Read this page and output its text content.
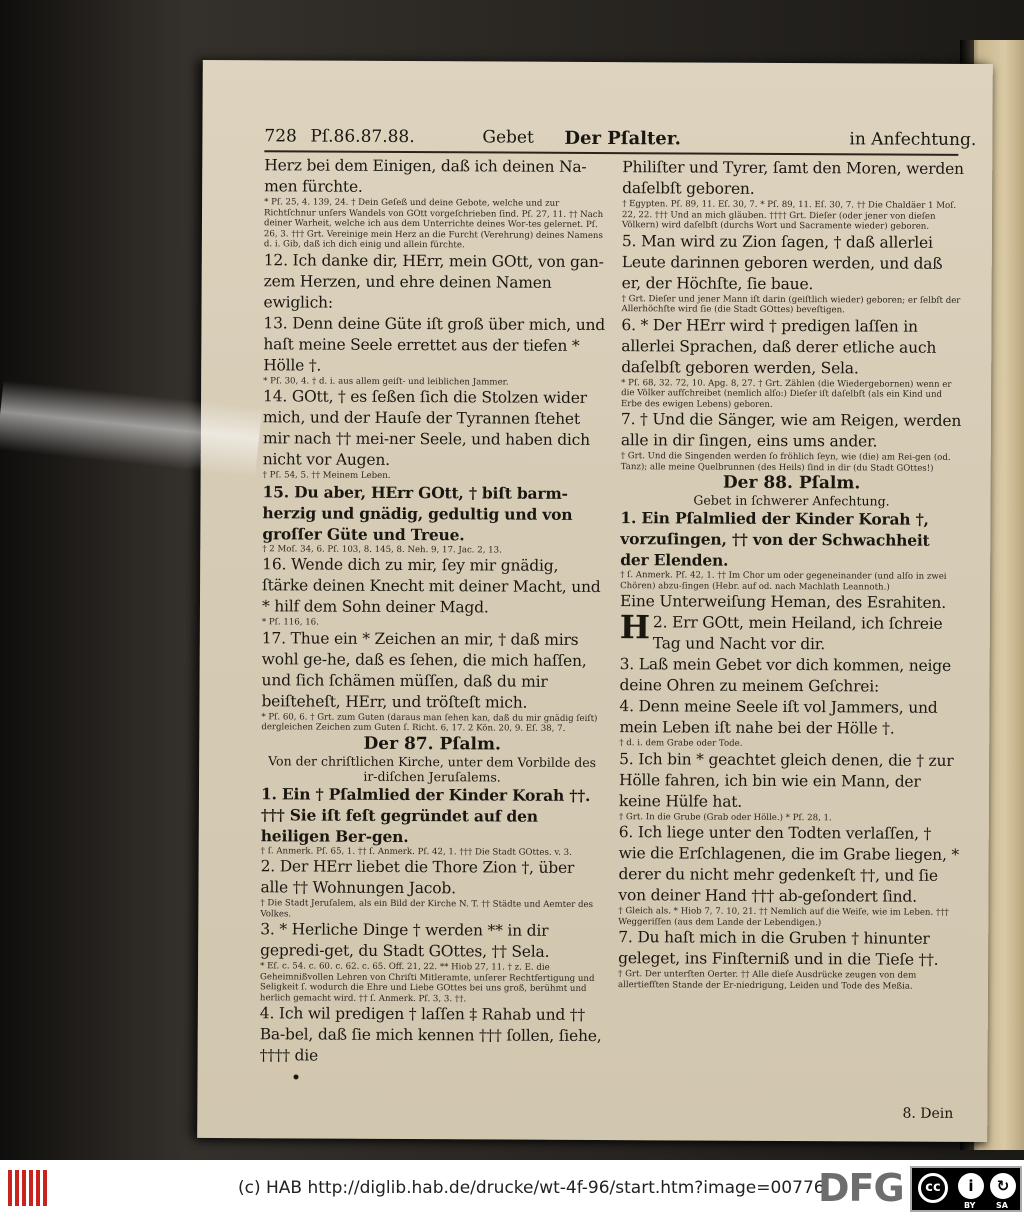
728 Pſ.86.87.88.	Gebet Der Pſalter.	in Anfechtung.

Herz bei dem Einigen, daß ich deinen Na-men fürchte.

* Pſ. 25, 4. 139, 24. † Dein Geſeß und deine Gebote, welche und zur Richtſchnur unſers Wandels von GOtt vorgeſchrieben ſind. Pſ. 27, 11. †† Nach deiner Warheit, welche ich aus dem Unterrichte deines Wor-tes gelernet. Pſ. 26, 3. ††† Grt. Vereinige mein Herz an die Furcht (Verehrung) deines Namens d. i. Gib, daß ich dich einig und allein fürchte.

12. Ich danke dir, HErr, mein GOtt, von gan-zem Herzen, und ehre deinen Namen ewiglich:

13. Denn deine Güte iſt groß über mich, und haſt meine Seele errettet aus der tiefen * Hölle †.

* Pſ. 30, 4. † d. i. aus allem geiſt- und leiblichen Jammer.

14. GOtt, † es ſeßen ſich die Stolzen wider mich, und der Hauſe der Tyrannen ſtehet mir nach †† mei-ner Seele, und haben dich nicht vor Augen.

† Pſ. 54, 5. †† Meinem Leben.

15. Du aber, HErr GOtt, † biſt barm-herzig und gnädig, gedultig und von groſſer Güte und Treue.

† 2 Moſ. 34, 6. Pſ. 103, 8. 145, 8. Neh. 9, 17. Jac. 2, 13.

16. Wende dich zu mir, ſey mir gnädig, ſtärke deinen Knecht mit deiner Macht, und * hilf dem Sohn deiner Magd.

* Pſ. 116, 16.

17. Thue ein * Zeichen an mir, † daß mirs wohl ge-he, daß es ſehen, die mich haſſen, und ſich ſchämen müſſen, daß du mir beiſteheſt, HErr, und tröſteſt mich.

* Pſ. 60, 6. † Grt. zum Guten (daraus man ſehen kan, daß du mir gnädig ſeiſt) dergleichen Zeichen zum Guten ſ. Richt. 6, 17. 2 Kön. 20, 9. Eſ. 38, 7.

Der 87. Pſalm.

Von der chriſtlichen Kirche, unter dem Vorbilde des ir-diſchen Jeruſalems.

1. Ein † Pſalmlied der Kinder Korah ††. ††† Sie iſt feſt gegründet auf den heiligen Ber-gen.

† ſ. Anmerk. Pſ. 65, 1. †† ſ. Anmerk. Pſ. 42, 1. ††† Die Stadt GOttes. v. 3.

2. Der HErr liebet die Thore Zion †, über alle †† Wohnungen Jacob.

† Die Stadt Jeruſalem, als ein Bild der Kirche N. T. †† Städte und Aemter des Volkes.

3. * Herliche Dinge † werden ** in dir gepredi-get, du Stadt GOttes, †† Sela.

* Eſ. c. 54. c. 60. c. 62. c. 65. Off. 21, 22. ** Hiob 27, 11. † z. E. die Geheimnißvollen Lehren von Chriſti Mitleramte, unſerer Rechtfertigung und Seligkeit ſ. wodurch die Ehre und Liebe GOttes bei uns groß, berühmt und herlich gemacht wird. †† ſ. Anmerk. Pſ. 3, 3. ††.

4. Ich wil predigen † laſſen ‡ Rahab und †† Ba-bel, daß ſie mich kennen ††† ſollen, ſiehe, †††† die

Philiſter und Tyrer, ſamt den Moren, werden daſelbſt geboren.

† Egypten. Pſ. 89, 11. Eſ. 30, 7. * Pſ. 89, 11. Eſ. 30, 7. †† Die Chaldäer 1 Moſ. 22, 22. ††† Und an mich gläuben. †††† Grt. Dieſer (oder jener von dieſen Völkern) wird daſelbſt (durchs Wort und Sacramente wieder) geboren.

5. Man wird zu Zion ſagen, † daß allerlei Leute darinnen geboren werden, und daß er, der Höchſte, ſie baue.

† Grt. Dieſer und jener Mann iſt darin (geiſtlich wieder) geboren; er ſelbſt der Allerhöchſte wird ſie (die Stadt GOttes) beveſtigen.

6. * Der HErr wird † predigen laſſen in allerlei Sprachen, daß derer etliche auch daſelbſt geboren werden, Sela.

* Pſ. 68, 32. 72, 10. Apg. 8, 27. † Grt. Zählen (die Wiedergebornen) wenn er die Völker aufſchreibet (nemlich alſo:) Dieſer iſt daſelbſt (als ein Kind und Erbe des ewigen Lebens) geboren.

7. † Und die Sänger, wie am Reigen, werden alle in dir ſingen, eins ums ander.

† Grt. Und die Singenden werden ſo fröhlich ſeyn, wie (die) am Rei-gen (od. Tanz); alle meine Quelbrunnen (des Heils) ſind in dir (du Stadt GOttes!)

Der 88. Pſalm.

Gebet in ſchwerer Anfechtung.

1. Ein Pſalmlied der Kinder Korah †, vorzuſingen, †† von der Schwachheit der Elenden.

† ſ. Anmerk. Pſ. 42, 1. †† Im Chor um oder gegeneinander (und alſo in zwei Chören) abzu-ſingen (Hebr. auf od. nach Machlath Leannoth.)

Eine Unterweiſung Heman, des Esrahiten.

H 2. Err GOtt, mein Heiland, ich ſchreie Tag und Nacht vor dir.

3. Laß mein Gebet vor dich kommen, neige deine Ohren zu meinem Geſchrei:

4. Denn meine Seele iſt vol Jammers, und mein Leben iſt nahe bei der Hölle †.

† d. i. dem Grabe oder Tode.

5. Ich bin * geachtet gleich denen, die † zur Hölle fahren, ich bin wie ein Mann, der keine Hülfe hat.

† Grt. In die Grube (Grab oder Hölle.) * Pſ. 28, 1.

6. Ich liege unter den Todten verlaſſen, † wie die Erſchlagenen, die im Grabe liegen, * derer du nicht mehr gedenkeſt ††, und ſie von deiner Hand ††† ab-geſondert ſind.

† Gleich als. * Hiob 7, 7. 10, 21. †† Nemlich auf die Weiſe, wie im Leben. ††† Weggeriſſen (aus dem Lande der Lebendigen.)

7. Du haſt mich in die Gruben † hinunter geleget, ins Finſterniß und in die Tieſe ††.

† Grt. Der unterſten Oerter. †† Alle dieſe Ausdrücke zeugen von dem allertiefſten Stande der Er-niedrigung, Leiden und Tode des Meßia.

8. Dein
(c) HAB http://diglib.hab.de/drucke/wt-4f-96/start.htm?image=00776
DFG	cc	i	↻
BY	SA
